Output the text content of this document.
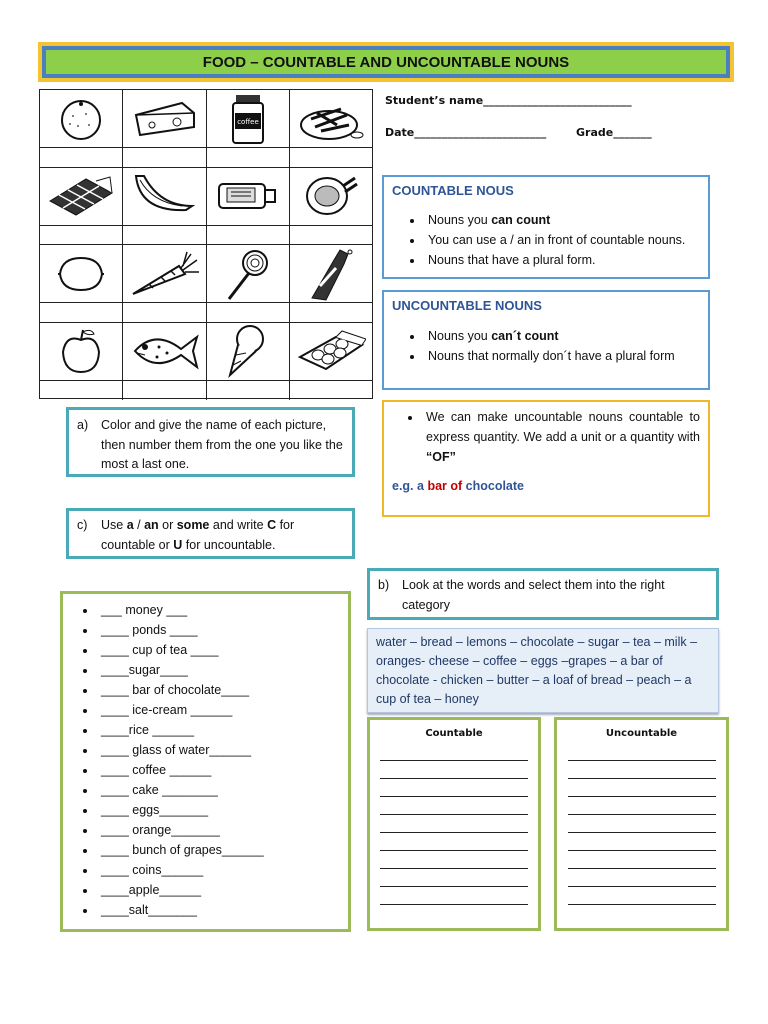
FOOD – COUNTABLE AND UNCOUNTABLE NOUNS
coffee
Student’s name___________________________
Date________________________	Grade_______
COUNTABLE NOUS
• Nouns you can count
• You can use a / an in front of countable nouns.
• Nouns that have a plural form.
UNCOUNTABLE NOUNS
• Nouns you can´t count
• Nouns that normally don´t have a plural form
• We can make uncountable nouns countable to express quantity. We add a unit or a quantity with “OF”
e.g. a bar of chocolate
a)	Color and give the name of each picture, then number them from the one you like the most a last one.
c)	Use a / an or some and write C for countable or U for uncountable.
b)	Look at the words and select them into the right category
water – bread – lemons – chocolate – sugar – tea – milk – oranges- cheese – coffee – eggs –grapes – a bar of chocolate - chicken – butter – a loaf of bread – peach – a cup of tea – honey
• ___ money ___
• ____ ponds ____
• ____ cup of tea ____
• ____sugar____
• ____ bar of chocolate____
• ____ ice-cream ______
• ____rice ______
• ____ glass of water______
• ____ coffee ______
• ____ cake ________
• ____ eggs_______
• ____ orange_______
• ____ bunch of grapes______
• ____ coins______
• ____apple______
• ____salt_______
Countable	Uncountable
